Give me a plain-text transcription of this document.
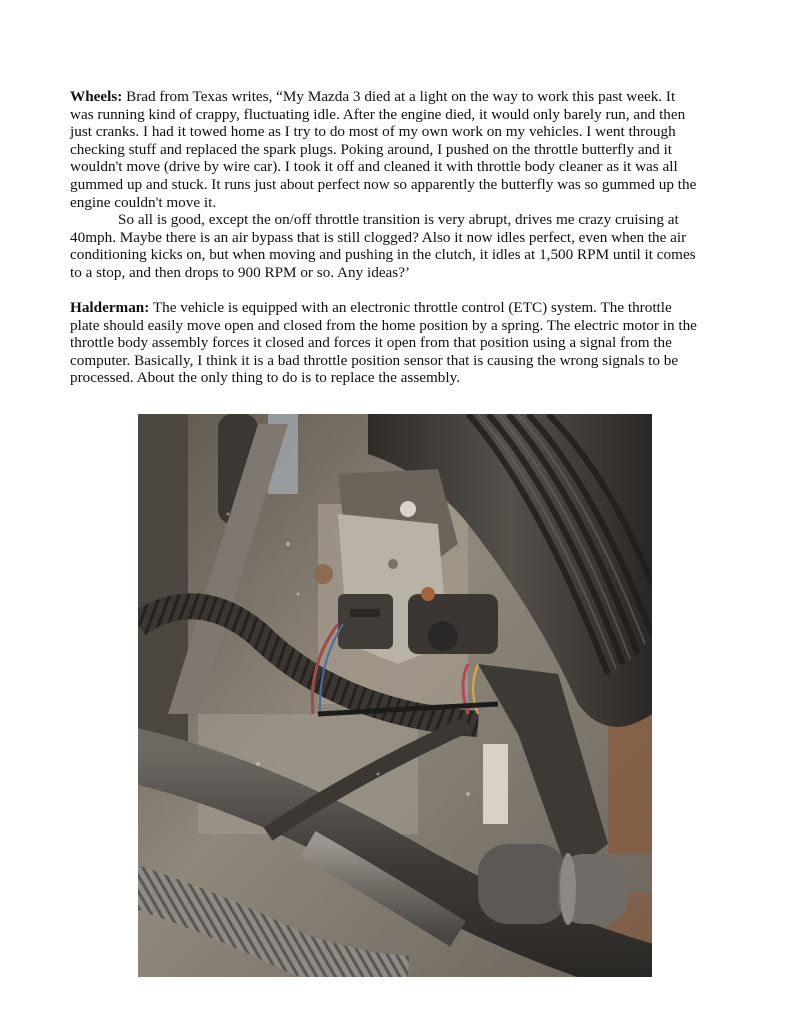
Wheels: Brad from Texas writes, “My Mazda 3 died at a light on the way to work this past week. It
was running kind of crappy, fluctuating idle. After the engine died, it would only barely run, and then
just cranks. I had it towed home as I try to do most of my own work on my vehicles. I went through
checking stuff and replaced the spark plugs. Poking around, I pushed on the throttle butterfly and it
wouldn't move (drive by wire car). I took it off and cleaned it with throttle body cleaner as it was all
gummed up and stuck. It runs just about perfect now so apparently the butterfly was so gummed up the
engine couldn't move it.
So all is good, except the on/off throttle transition is very abrupt, drives me crazy cruising at
40mph. Maybe there is an air bypass that is still clogged? Also it now idles perfect, even when the air
conditioning kicks on, but when moving and pushing in the clutch, it idles at 1,500 RPM until it comes
to a stop, and then drops to 900 RPM or so. Any ideas?’
Halderman: The vehicle is equipped with an electronic throttle control (ETC) system. The throttle
plate should easily move open and closed from the home position by a spring. The electric motor in the
throttle body assembly forces it closed and forces it open from that position using a signal from the
computer. Basically, I think it is a bad throttle position sensor that is causing the wrong signals to be
processed. About the only thing to do is to replace the assembly.
